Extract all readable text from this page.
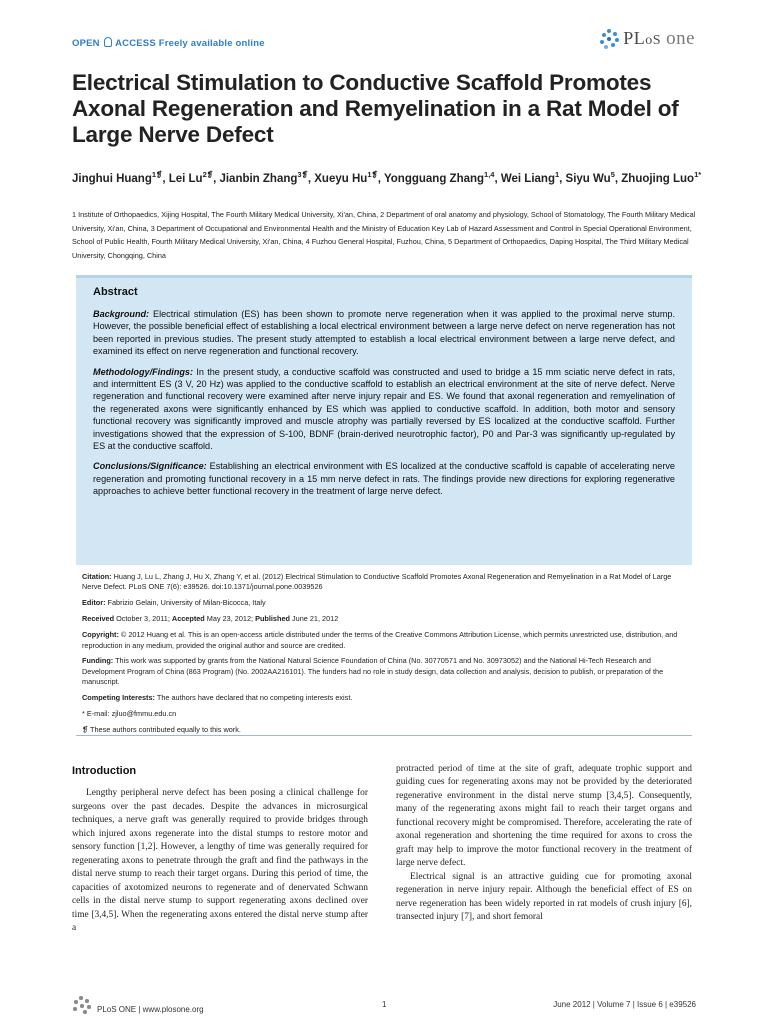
OPEN ACCESS Freely available online	PLoS one
Electrical Stimulation to Conductive Scaffold Promotes Axonal Regeneration and Remyelination in a Rat Model of Large Nerve Defect
Jinghui Huang$^{1❡}$, Lei $Lu^{2❡}$, Jianbin Zhang$^{3❡}$, Xueyu $Hu^{1❡}$, Yongguang Zhang$^{1,4}$, Wei Liang$^1$, Siyu Wu$^5$, Zhuojing Luo$^{1*}$
1 Institute of Orthopaedics, Xijing Hospital, The Fourth Military Medical University, Xi'an, China, 2 Department of oral anatomy and physiology, School of Stomatology, The Fourth Military Medical University, Xi'an, China, 3 Department of Occupational and Environmental Health and the Ministry of Education Key Lab of Hazard Assessment and Control in Special Operational Environment, School of Public Health, Fourth Military Medical University, Xi'an, China, 4 Fuzhou General Hospital, Fuzhou, China, 5 Department of Orthopaedics, Daping Hospital, The Third Military Medical University, Chongqing, China
Abstract

Background: Electrical stimulation (ES) has been shown to promote nerve regeneration when it was applied to the proximal nerve stump. However, the possible beneficial effect of establishing a local electrical environment between a large nerve defect on nerve regeneration has not been reported in previous studies. The present study attempted to establish a local electrical environment between a large nerve defect, and examined its effect on nerve regeneration and functional recovery.

Methodology/Findings: In the present study, a conductive scaffold was constructed and used to bridge a 15 mm sciatic nerve defect in rats, and intermittent ES (3 V, 20 Hz) was applied to the conductive scaffold to establish an electrical environment at the site of nerve defect. Nerve regeneration and functional recovery were examined after nerve injury repair and ES. We found that axonal regeneration and remyelination of the regenerated axons were significantly enhanced by ES which was applied to conductive scaffold. In addition, both motor and sensory functional recovery was significantly improved and muscle atrophy was partially reversed by ES localized at the conductive scaffold. Further investigations showed that the expression of S-100, BDNF (brain-derived neurotrophic factor), P0 and Par-3 was significantly up-regulated by ES at the conductive scaffold.

Conclusions/Significance: Establishing an electrical environment with ES localized at the conductive scaffold is capable of accelerating nerve regeneration and promoting functional recovery in a 15 mm nerve defect in rats. The findings provide new directions for exploring regenerative approaches to achieve better functional recovery in the treatment of large nerve defect.

Citation: Huang J, Lu L, Zhang J, Hu X, Zhang Y, et al. (2012) Electrical Stimulation to Conductive Scaffold Promotes Axonal Regeneration and Remyelination in a Rat Model of Large Nerve Defect. PLoS ONE 7(6): e39526. doi:10.1371/journal.pone.0039526

Editor: Fabrizio Gelain, University of Milan-Bicocca, Italy

Received October 3, 2011; Accepted May 23, 2012; Published June 21, 2012

Copyright: © 2012 Huang et al. This is an open-access article distributed under the terms of the Creative Commons Attribution License, which permits unrestricted use, distribution, and reproduction in any medium, provided the original author and source are credited.

Funding: This work was supported by grants from the National Natural Science Foundation of China (No. 30770571 and No. 30973052) and the National Hi-Tech Research and Development Program of China (863 Program) (No. 2002AA216101). The funders had no role in study design, data collection and analysis, decision to publish, or preparation of the manuscript.

Competing Interests: The authors have declared that no competing interests exist.

* E-mail: zjluo@fmmu.edu.cn

❡ These authors contributed equally to this work.

Introduction

Lengthy peripheral nerve defect has been posing a clinical challenge for surgeons over the past decades. Despite the advances in microsurgical techniques, a nerve graft was generally required to provide bridges through which injured axons regenerate into the distal stumps to restore motor and sensory function [1,2]. However, a lengthy of time was generally required for regenerating axons to penetrate through the graft and find the pathways in the distal nerve stump to reach their target organs. During this period of time, the capacities of axotomized neurons to regenerate and of denervated Schwann cells in the distal nerve stump to support regenerating axons declined over time [3,4,5]. When the regenerating axons entered the distal nerve stump after a

protracted period of time at the site of graft, adequate trophic support and guiding cues for regenerating axons may not be provided by the deteriorated regenerative environment in the distal nerve stump [3,4,5]. Consequently, many of the regenerating axons might fail to reach their target organs and functional recovery might be compromised. Therefore, accelerating the rate of axonal regeneration and shortening the time required for axons to cross the graft may help to improve the motor functional recovery in the treatment of large nerve defect.

Electrical signal is an attractive guiding cue for promoting axonal regeneration in nerve injury repair. Although the beneficial effect of ES on nerve regeneration has been widely reported in rat models of crush injury [6], transected injury [7], and short femoral

PLoS ONE | www.plosone.org	1	June 2012 | Volume 7 | Issue 6 | e39526
